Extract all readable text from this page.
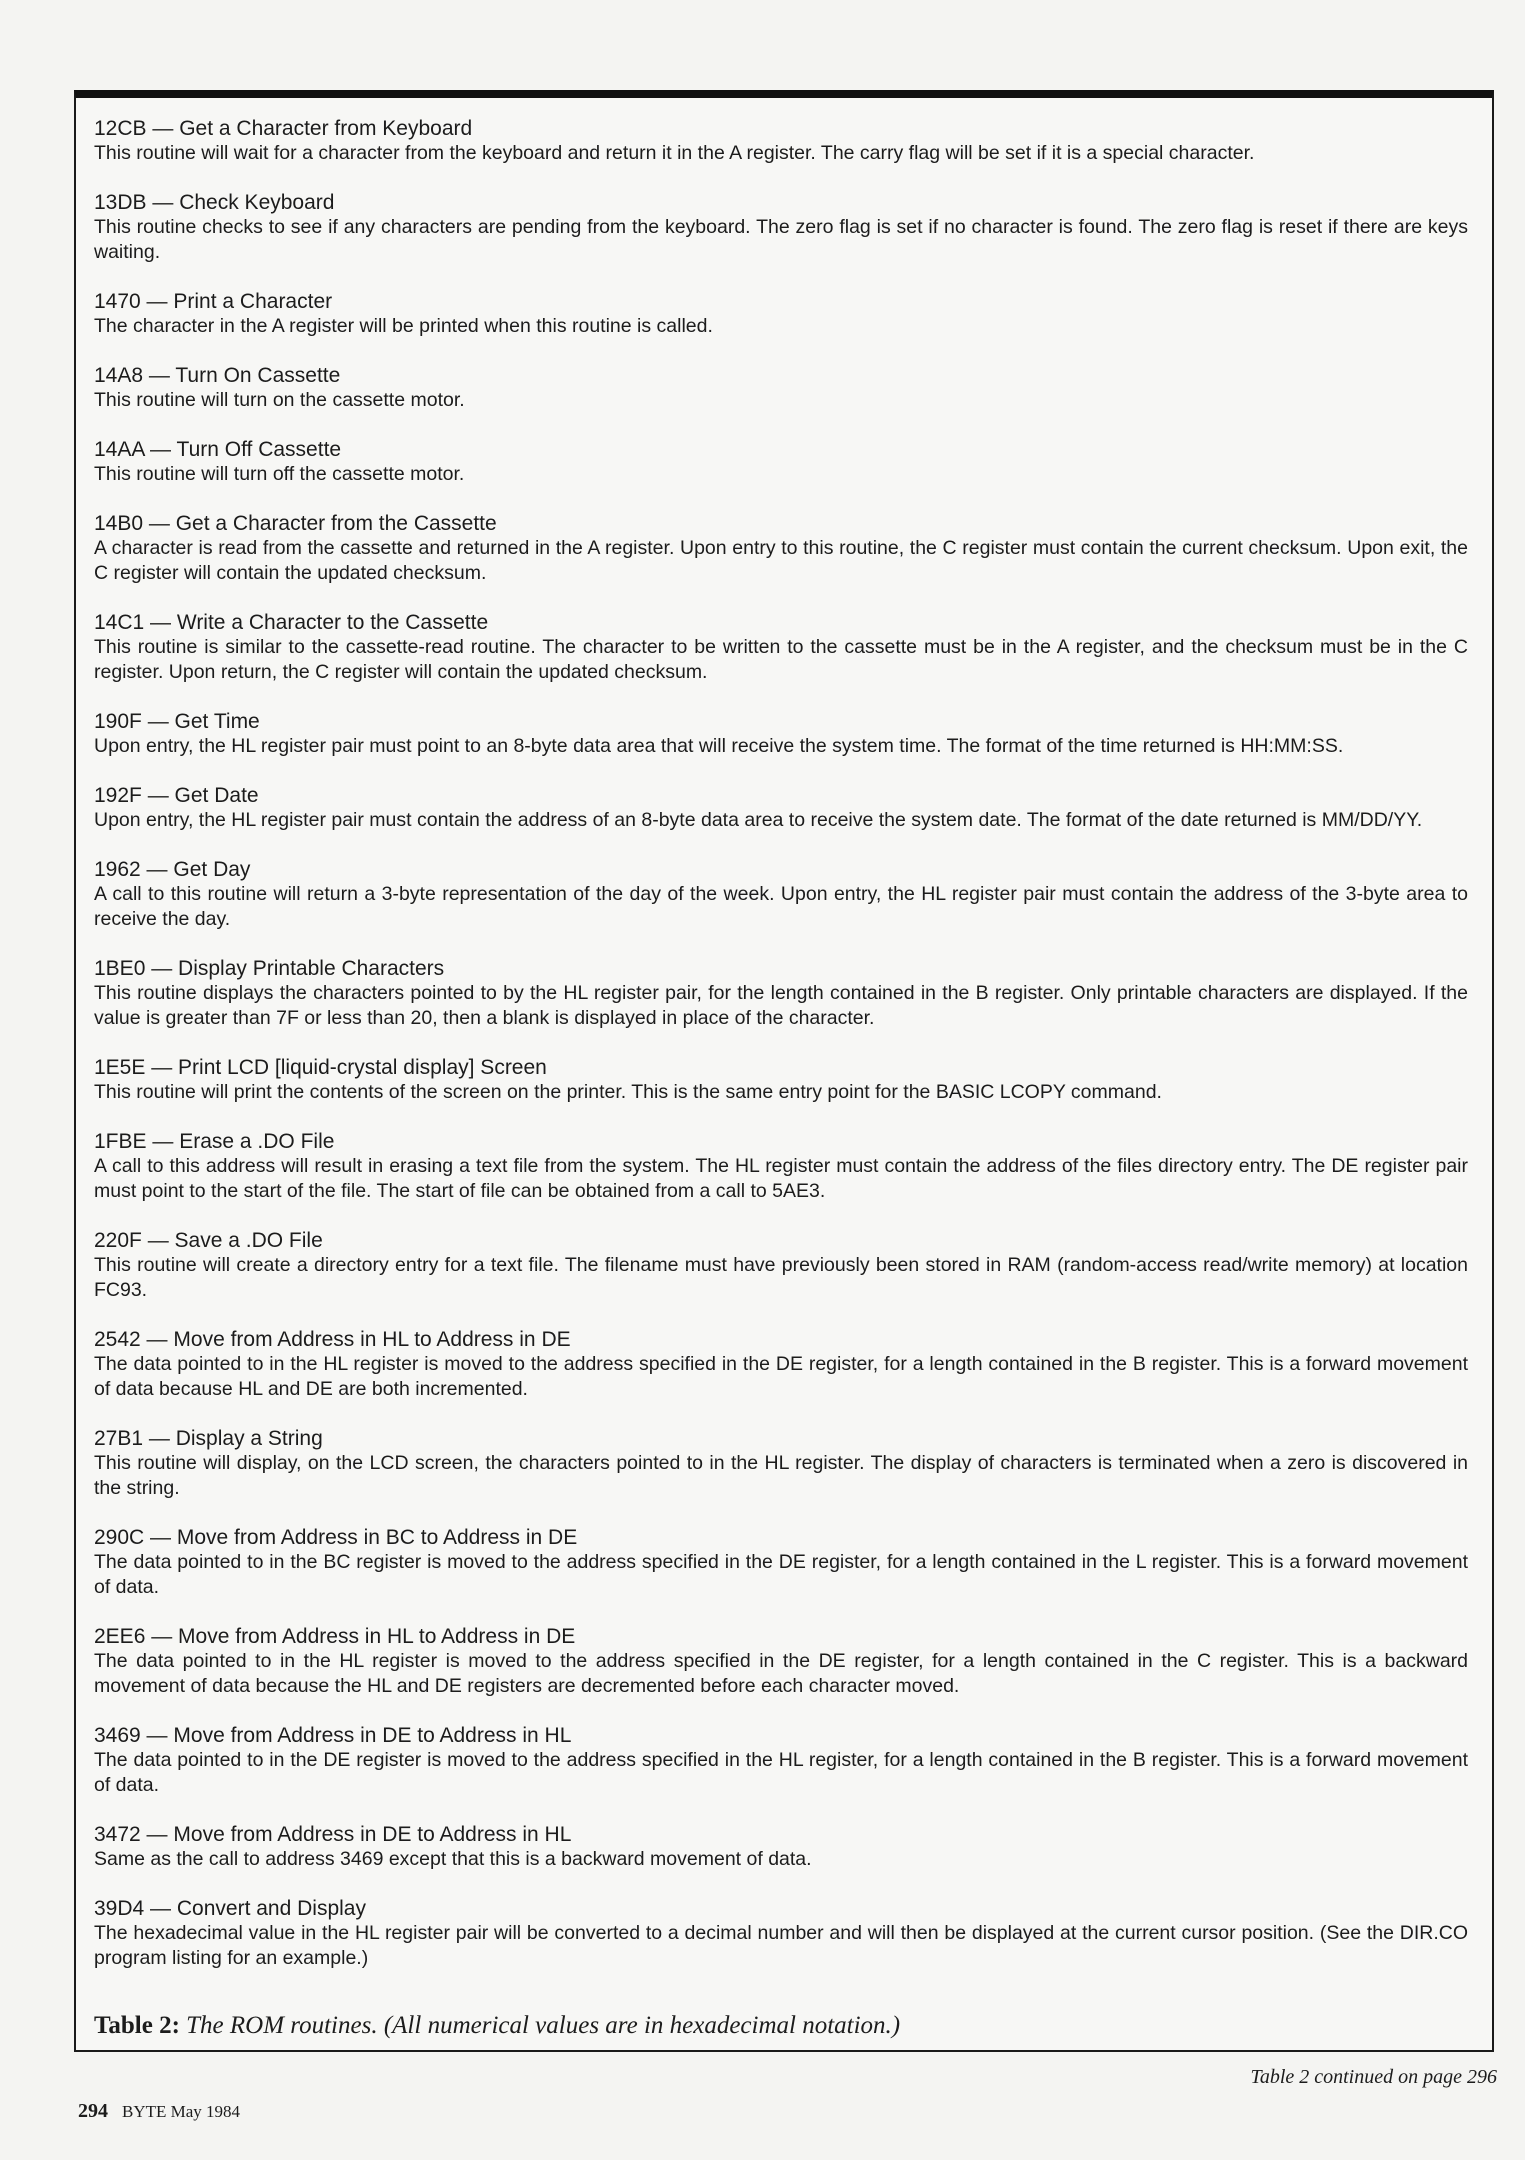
12CB — Get a Character from Keyboard

This routine will wait for a character from the keyboard and return it in the A register. The carry flag will be set if it is a special character.

13DB — Check Keyboard

This routine checks to see if any characters are pending from the keyboard. The zero flag is set if no character is found. The zero flag is reset if there are keys waiting.

1470 — Print a Character

The character in the A register will be printed when this routine is called.

14A8 — Turn On Cassette

This routine will turn on the cassette motor.

14AA — Turn Off Cassette

This routine will turn off the cassette motor.

14B0 — Get a Character from the Cassette

A character is read from the cassette and returned in the A register. Upon entry to this routine, the C register must contain the current checksum. Upon exit, the C register will contain the updated checksum.

14C1 — Write a Character to the Cassette

This routine is similar to the cassette-read routine. The character to be written to the cassette must be in the A register, and the checksum must be in the C register. Upon return, the C register will contain the updated checksum.

190F — Get Time

Upon entry, the HL register pair must point to an 8-byte data area that will receive the system time. The format of the time returned is HH:MM:SS.

192F — Get Date

Upon entry, the HL register pair must contain the address of an 8-byte data area to receive the system date. The format of the date returned is MM/DD/YY.

1962 — Get Day

A call to this routine will return a 3-byte representation of the day of the week. Upon entry, the HL register pair must contain the address of the 3-byte area to receive the day.

1BE0 — Display Printable Characters

This routine displays the characters pointed to by the HL register pair, for the length contained in the B register. Only printable characters are displayed. If the value is greater than 7F or less than 20, then a blank is displayed in place of the character.

1E5E — Print LCD [liquid-crystal display] Screen

This routine will print the contents of the screen on the printer. This is the same entry point for the BASIC LCOPY command.

1FBE — Erase a .DO File

A call to this address will result in erasing a text file from the system. The HL register must contain the address of the files directory entry. The DE register pair must point to the start of the file. The start of file can be obtained from a call to 5AE3.

220F — Save a .DO File

This routine will create a directory entry for a text file. The filename must have previously been stored in RAM (random-access read/write memory) at location FC93.

2542 — Move from Address in HL to Address in DE

The data pointed to in the HL register is moved to the address specified in the DE register, for a length contained in the B register. This is a forward movement of data because HL and DE are both incremented.

27B1 — Display a String

This routine will display, on the LCD screen, the characters pointed to in the HL register. The display of characters is terminated when a zero is discovered in the string.

290C — Move from Address in BC to Address in DE

The data pointed to in the BC register is moved to the address specified in the DE register, for a length contained in the L register. This is a forward movement of data.

2EE6 — Move from Address in HL to Address in DE

The data pointed to in the HL register is moved to the address specified in the DE register, for a length contained in the C register. This is a backward movement of data because the HL and DE registers are decremented before each character moved.

3469 — Move from Address in DE to Address in HL

The data pointed to in the DE register is moved to the address specified in the HL register, for a length contained in the B register. This is a forward movement of data.

3472 — Move from Address in DE to Address in HL

Same as the call to address 3469 except that this is a backward movement of data.

39D4 — Convert and Display

The hexadecimal value in the HL register pair will be converted to a decimal number and will then be displayed at the current cursor position. (See the DIR.CO program listing for an example.)

Table 2: The ROM routines. (All numerical values are in hexadecimal notation.)
Table 2 continued on page 296
294 BYTE May 1984
